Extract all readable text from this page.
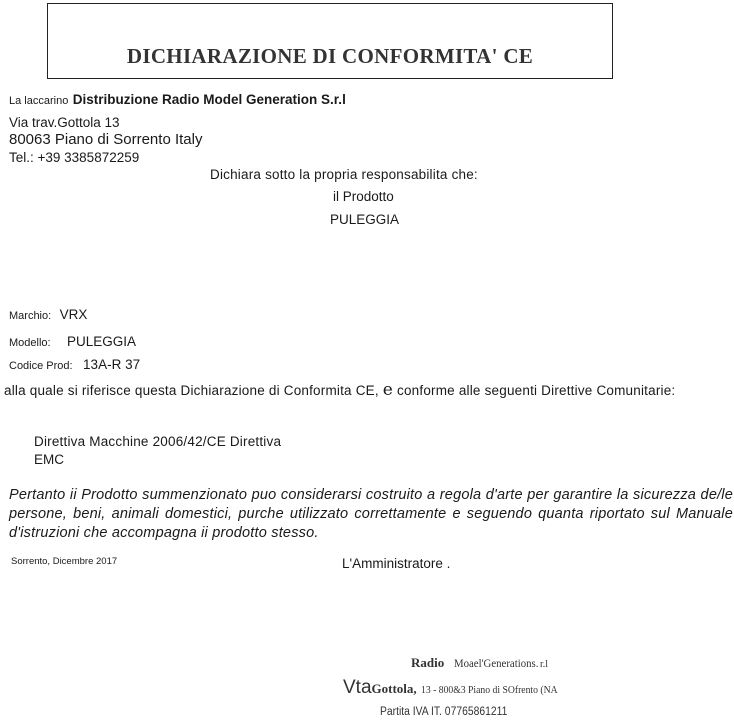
DICHIARAZIONE DI CONFORMITA' CE
La laccarino Distribuzione Radio Model Generation S.r.l
Via trav.Gottola 13
80063 Piano di Sorrento Italy
Tel.: +39 3385872259
Dichiara sotto la propria responsabilita che:
il Prodotto
PULEGGIA
Marchio: VRX
Modello: PULEGGIA
Codice Prod: 13A-R 37
alla quale si riferisce questa Dichiarazione di Conformita CE, e conforme alle seguenti Direttive Comunitarie:
Direttiva Macchine 2006/42/CE Direttiva
EMC
Pertanto ii Prodotto summenzionato puo considerarsi costruito a regola d'arte per garantire la sicurezza de/le persone, beni, animali domestici, purche utilizzato correttamente e seguendo quanta riportato sul Manuale d'istruzioni che accompagna ii prodotto stesso.
Sorrento, Dicembre 2017	L'Amministratore .
Radio Moael'Generations.r.l
VtaGottola, 13 - 800&3 Piano di SOfrento (NA
Partita IVA IT. 07765861211
